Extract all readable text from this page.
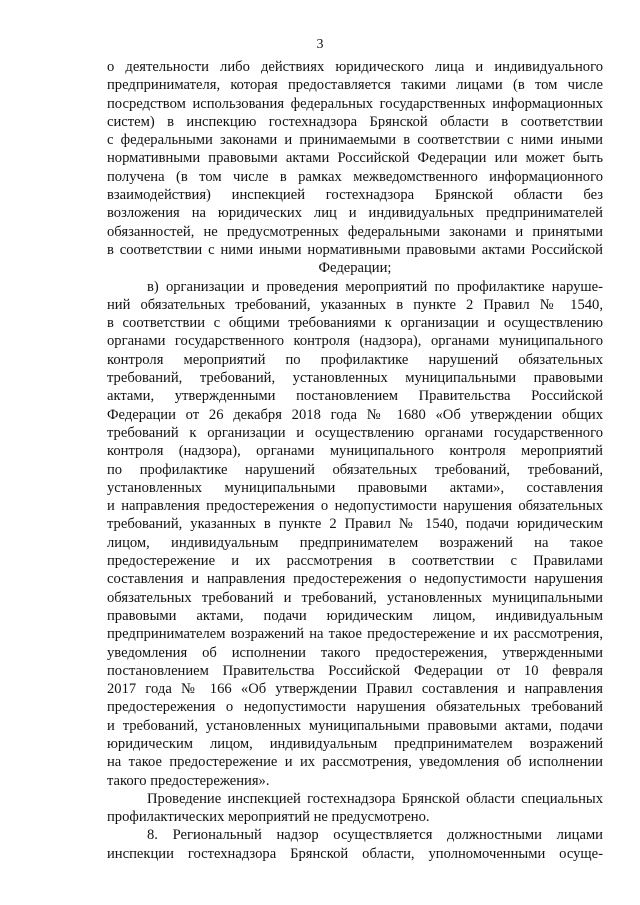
3
о деятельности либо действиях юридического лица и индивидуального
предпринимателя, которая предоставляется такими лицами (в том числе
посредством использования федеральных государственных информационных
систем) в инспекцию гостехнадзора Брянской области в соответствии
с федеральными законами и принимаемыми в соответствии с ними иными
нормативными правовыми актами Российской Федерации или может быть
получена (в том числе в рамках межведомственного информационного
взаимодействия) инспекцией гостехнадзора Брянской области без
возложения на юридических лиц и индивидуальных предпринимателей
обязанностей, не предусмотренных федеральными законами и принятыми
в соответствии с ними иными нормативными правовыми актами Российской
Федерации;
в) организации и проведения мероприятий по профилактике наруше-
ний обязательных требований, указанных в пункте 2 Правил № 1540,
в соответствии с общими требованиями к организации и осуществлению
органами государственного контроля (надзора), органами муниципального
контроля мероприятий по профилактике нарушений обязательных
требований, требований, установленных муниципальными правовыми
актами, утвержденными постановлением Правительства Российской
Федерации от 26 декабря 2018 года № 1680 «Об утверждении общих
требований к организации и осуществлению органами государственного
контроля (надзора), органами муниципального контроля мероприятий
по профилактике нарушений обязательных требований, требований,
установленных муниципальными правовыми актами», составления
и направления предостережения о недопустимости нарушения обязательных
требований, указанных в пункте 2 Правил № 1540, подачи юридическим
лицом, индивидуальным предпринимателем возражений на такое
предостережение и их рассмотрения в соответствии с Правилами
составления и направления предостережения о недопустимости нарушения
обязательных требований и требований, установленных муниципальными
правовыми актами, подачи юридическим лицом, индивидуальным
предпринимателем возражений на такое предостережение и их рассмотрения,
уведомления об исполнении такого предостережения, утвержденными
постановлением Правительства Российской Федерации от 10 февраля
2017 года № 166 «Об утверждении Правил составления и направления
предостережения о недопустимости нарушения обязательных требований
и требований, установленных муниципальными правовыми актами, подачи
юридическим лицом, индивидуальным предпринимателем возражений
на такое предостережение и их рассмотрения, уведомления об исполнении
такого предостережения».
Проведение инспекцией гостехнадзора Брянской области специальных
профилактических мероприятий не предусмотрено.
8. Региональный надзор осуществляется должностными лицами
инспекции гостехнадзора Брянской области, уполномоченными осуще-
